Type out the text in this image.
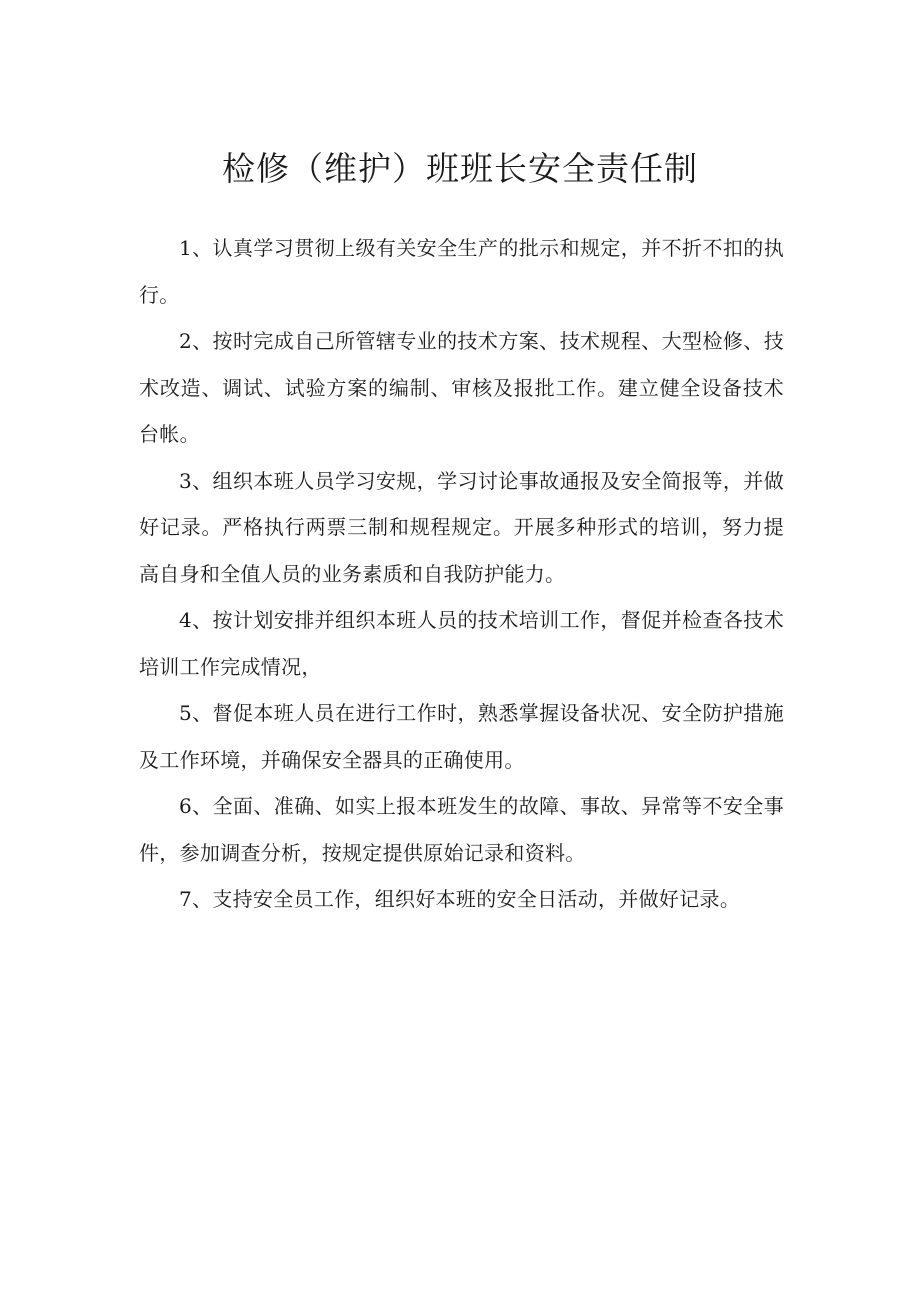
检修（维护）班班长安全责任制

1、认真学习贯彻上级有关安全生产的批示和规定，并不折不扣的执行。

2、按时完成自己所管辖专业的技术方案、技术规程、大型检修、技术改造、调试、试验方案的编制、审核及报批工作。建立健全设备技术台帐。

3、组织本班人员学习安规，学习讨论事故通报及安全简报等，并做好记录。严格执行两票三制和规程规定。开展多种形式的培训，努力提高自身和全值人员的业务素质和自我防护能力。

4、按计划安排并组织本班人员的技术培训工作，督促并检查各技术培训工作完成情况，

5、督促本班人员在进行工作时，熟悉掌握设备状况、安全防护措施及工作环境，并确保安全器具的正确使用。

6、全面、准确、如实上报本班发生的故障、事故、异常等不安全事件，参加调查分析，按规定提供原始记录和资料。

7、支持安全员工作，组织好本班的安全日活动，并做好记录。
